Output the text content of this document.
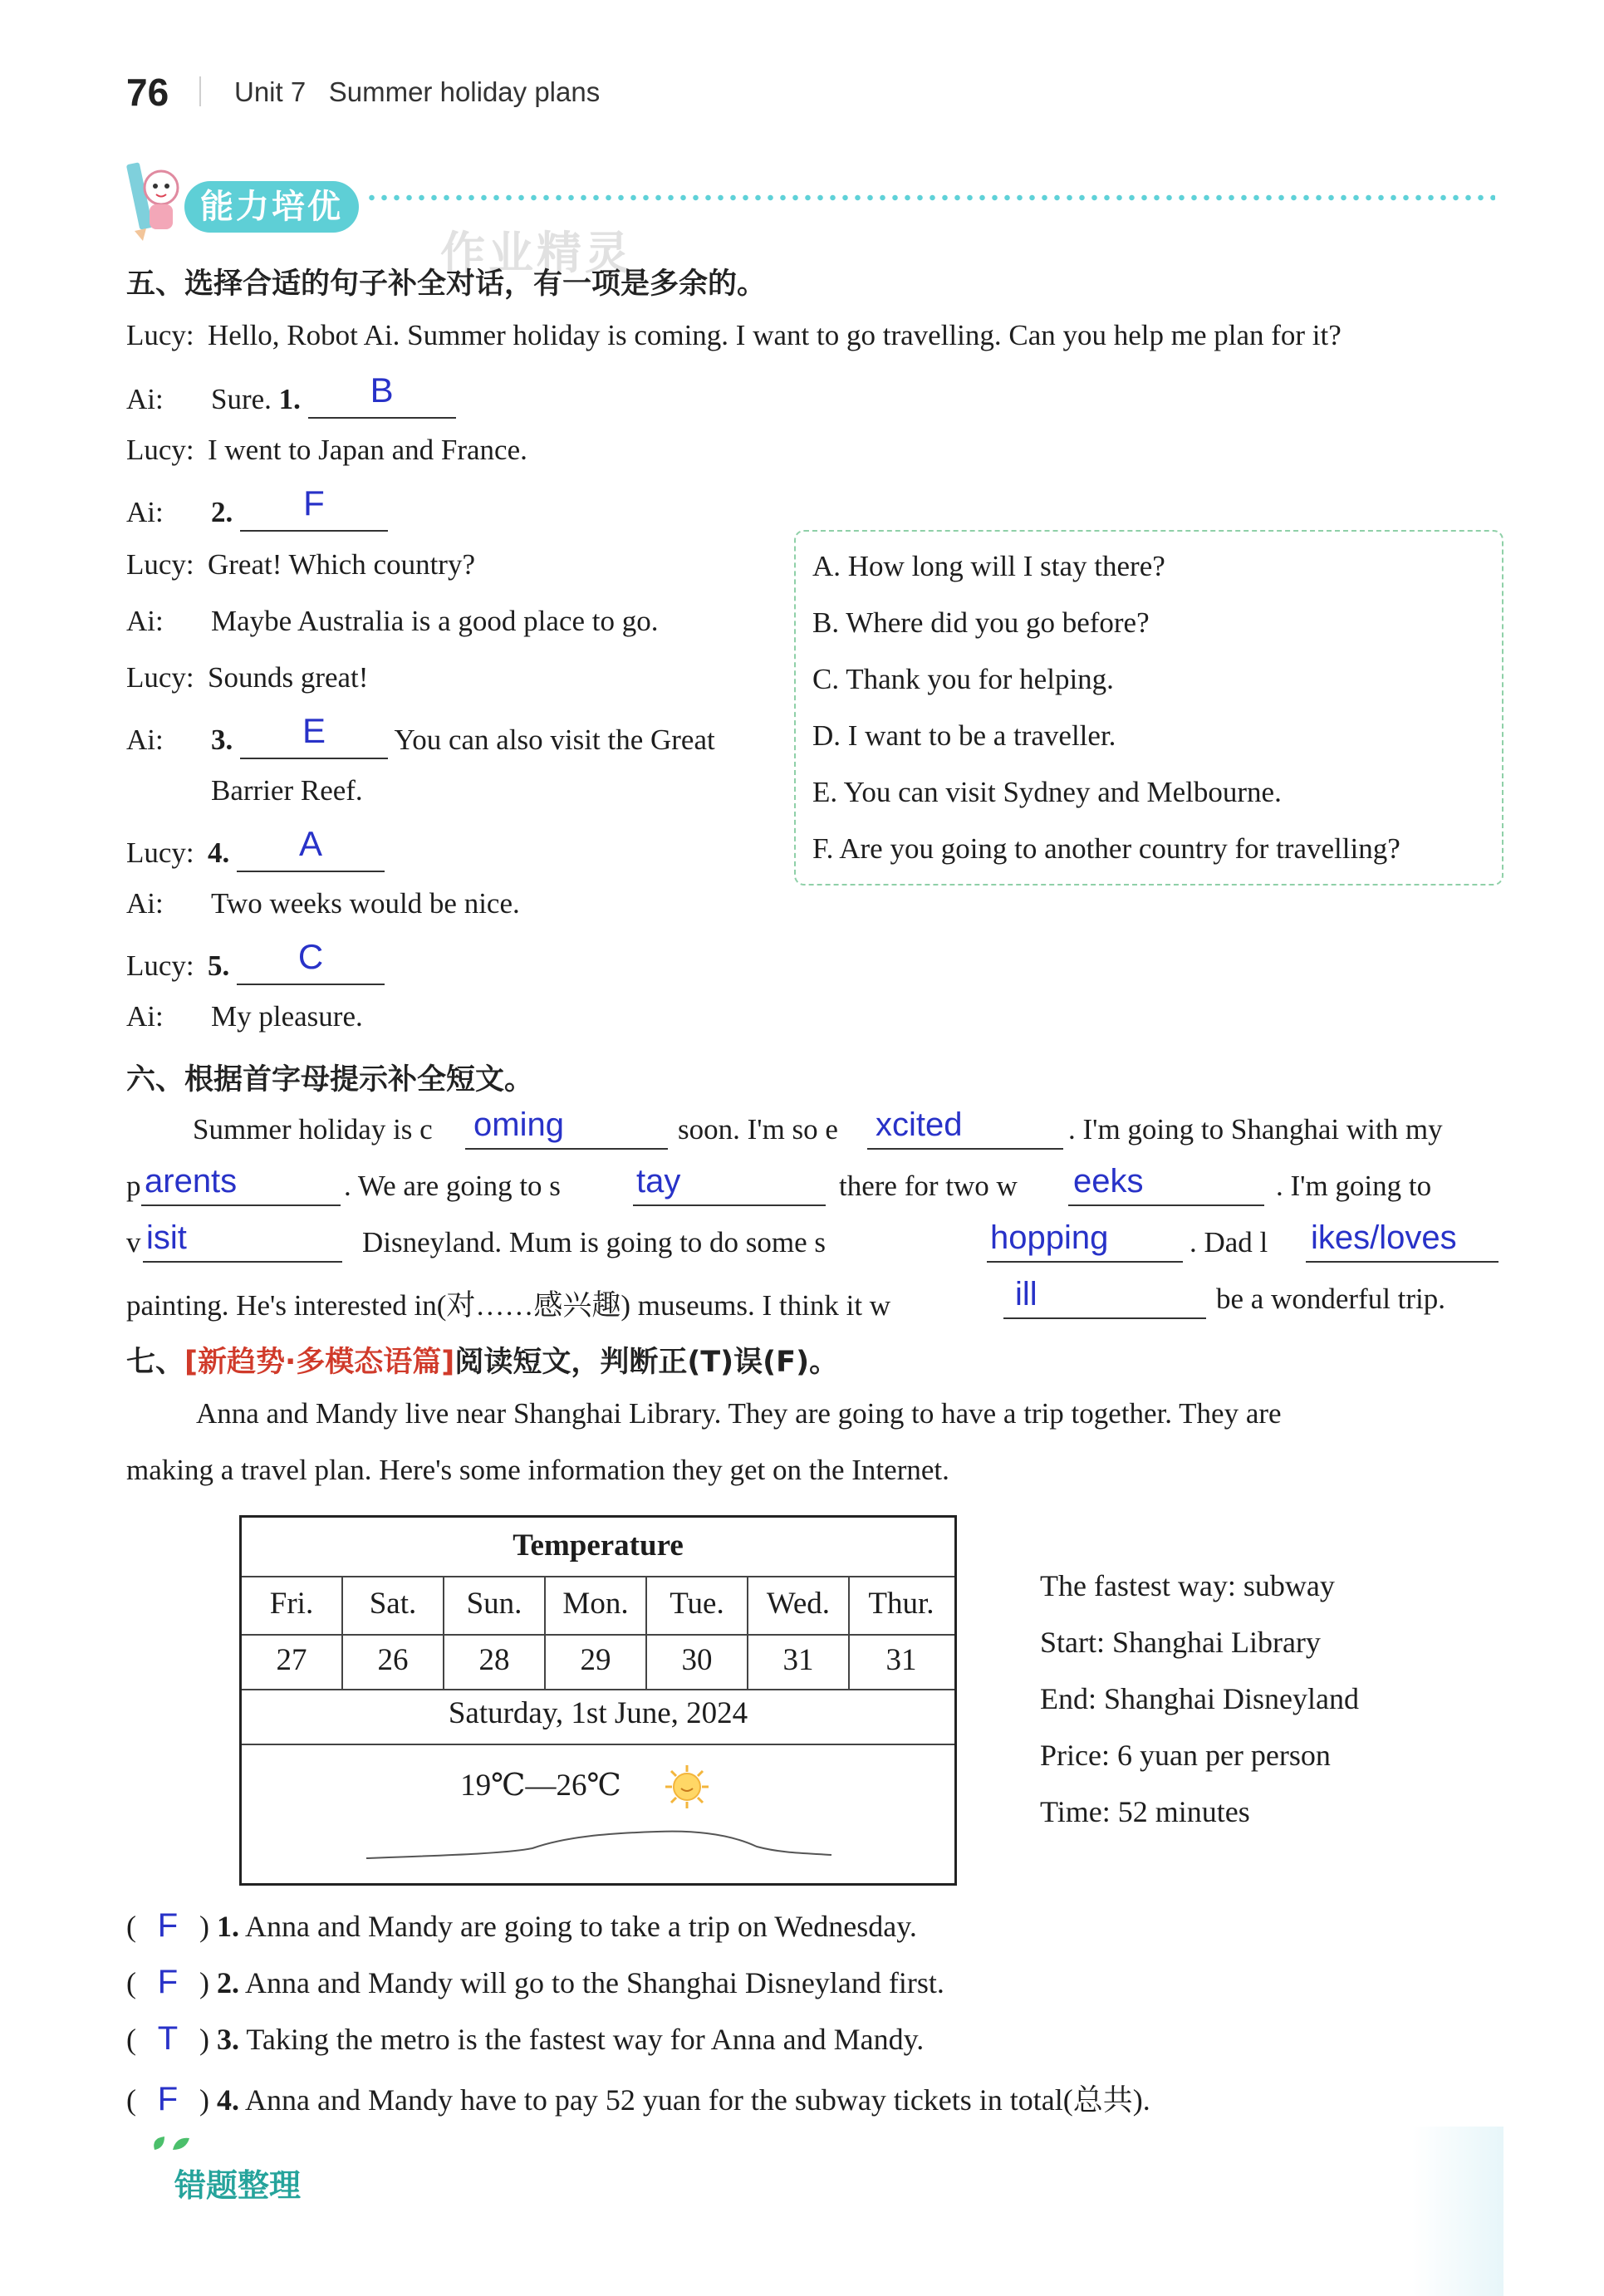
76 Unit 7 Summer holiday plans
能力培优
作业精灵
五、选择合适的句子补全对话，有一项是多余的。
Lucy: Hello, Robot Ai. Summer holiday is coming. I want to go travelling. Can you help me plan for it?
Ai: Sure. 1. B
Lucy: I went to Japan and France.
Ai: 2. F
Lucy: Great! Which country?
Ai: Maybe Australia is a good place to go.
Lucy: Sounds great!
Ai: 3. E You can also visit the Great
Barrier Reef.
Lucy: 4. A
Ai: Two weeks would be nice.
Lucy: 5. C
Ai: My pleasure.
A. How long will I stay there?
B. Where did you go before?
C. Thank you for helping.
D. I want to be a traveller.
E. You can visit Sydney and Melbourne.
F. Are you going to another country for travelling?
六、根据首字母提示补全短文。
Summer holiday is c oming	soon. I'm so e xcited	. I'm going to Shanghai with my
p arents	. We are going to s tay	there for two w eeks	. I'm going to
v isit	Disneyland. Mum is going to do some s	hopping	. Dad l ikes/loves
painting. He's interested in(对……感兴趣) museums. I think it w	ill	be a wonderful trip.
七、[新趋势·多模态语篇]阅读短文，判断正(T)误(F)。
Anna and Mandy live near Shanghai Library. They are going to have a trip together. They are
making a travel plan. Here's some information they get on the Internet.
Temperature
Fri.	Sat.	Sun.	Mon.	Tue.	Wed.	Thur.
27	26	28	29	30	31	31
Saturday, 1st June, 2024
19℃—26℃
The fastest way: subway
Start: Shanghai Library
End: Shanghai Disneyland
Price: 6 yuan per person
Time: 52 minutes
( F ) 1. Anna and Mandy are going to take a trip on Wednesday.
( F ) 2. Anna and Mandy will go to the Shanghai Disneyland first.
( T ) 3. Taking the metro is the fastest way for Anna and Mandy.
( F ) 4. Anna and Mandy have to pay 52 yuan for the subway tickets in total(总共).
错题整理
